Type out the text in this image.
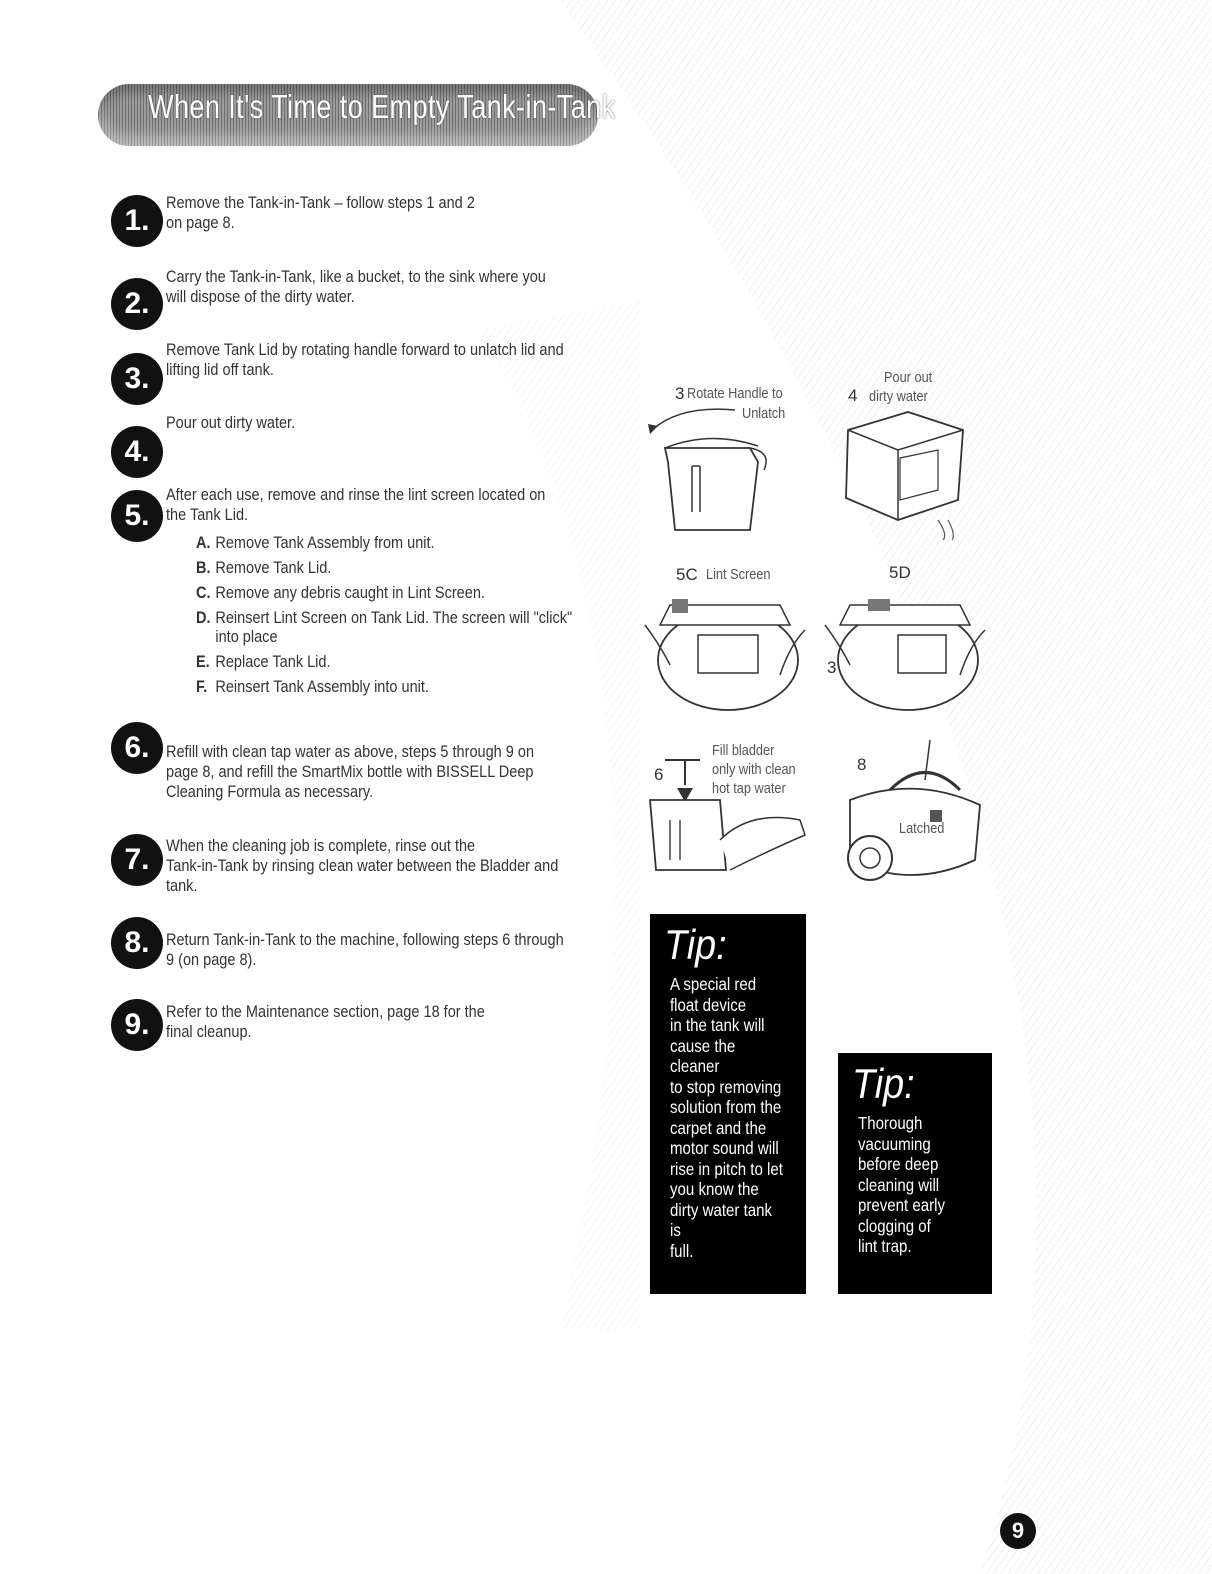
When It's Time to Empty Tank-in-Tank
1.
Remove the Tank-in-Tank – follow steps 1 and 2
on page 8.
2.
Carry the Tank-in-Tank, like a bucket, to the sink where you
will dispose of the dirty water.
3.
Remove Tank Lid by rotating handle forward to unlatch lid and
lifting lid off tank.
4.
Pour out dirty water.
5.
After each use, remove and rinse the lint screen located on
the Tank Lid.
A. Remove Tank Assembly from unit.
B. Remove Tank Lid.
C. Remove any debris caught in Lint Screen.
D. Reinsert Lint Screen on Tank Lid. The screen will "click"
into place
E. Replace Tank Lid.
F. Reinsert Tank Assembly into unit.
6. Refill with clean tap water as above, steps 5 through 9 on
page 8, and refill the SmartMix bottle with BISSELL Deep
Cleaning Formula as necessary.
7. When the cleaning job is complete, rinse out the
Tank-in-Tank by rinsing clean water between the Bladder and
tank.
8. Return Tank-in-Tank to the machine, following steps 6 through
9 (on page 8).
9. Refer to the Maintenance section, page 18 for the
final cleanup.
3 Rotate Handle to
Unlatch
4
Pour out
dirty water
5C Lint Screen	5D
3
6
Fill bladder
only with clean
hot tap water
8
Latched
Tip:
A special red
float device
in the tank will
cause the cleaner
to stop removing
solution from the
carpet and the
motor sound will
rise in pitch to let
you know the
dirty water tank is
full.
Tip:
Thorough
vacuuming
before deep
cleaning will
prevent early
clogging of
lint trap.
9
